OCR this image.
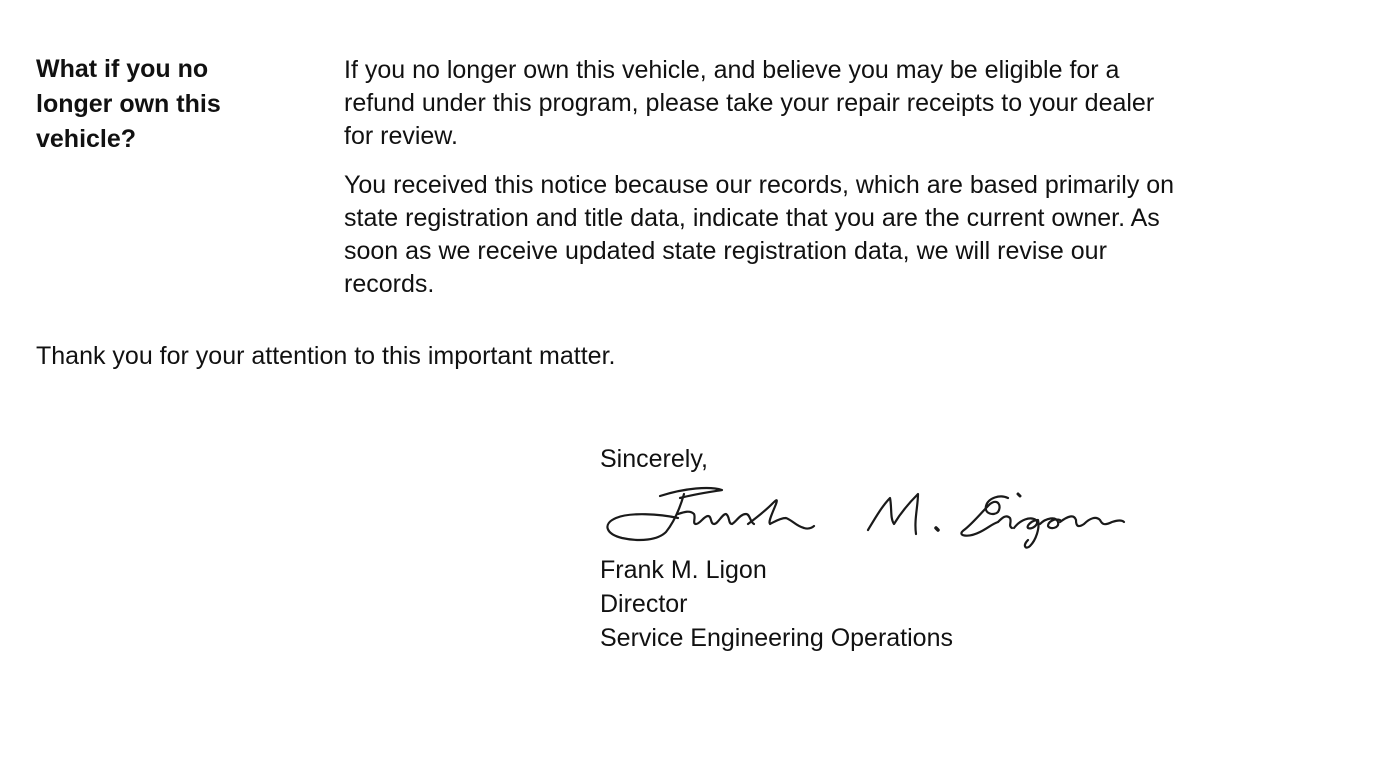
What if you no
longer own this
vehicle?

If you no longer own this vehicle, and believe you may be eligible for a
refund under this program, please take your repair receipts to your dealer
for review.

You received this notice because our records, which are based primarily on
state registration and title data, indicate that you are the current owner. As
soon as we receive updated state registration data, we will revise our
records.

Thank you for your attention to this important matter.
Sincerely,
Frank M. Ligon
Director
Service Engineering Operations
